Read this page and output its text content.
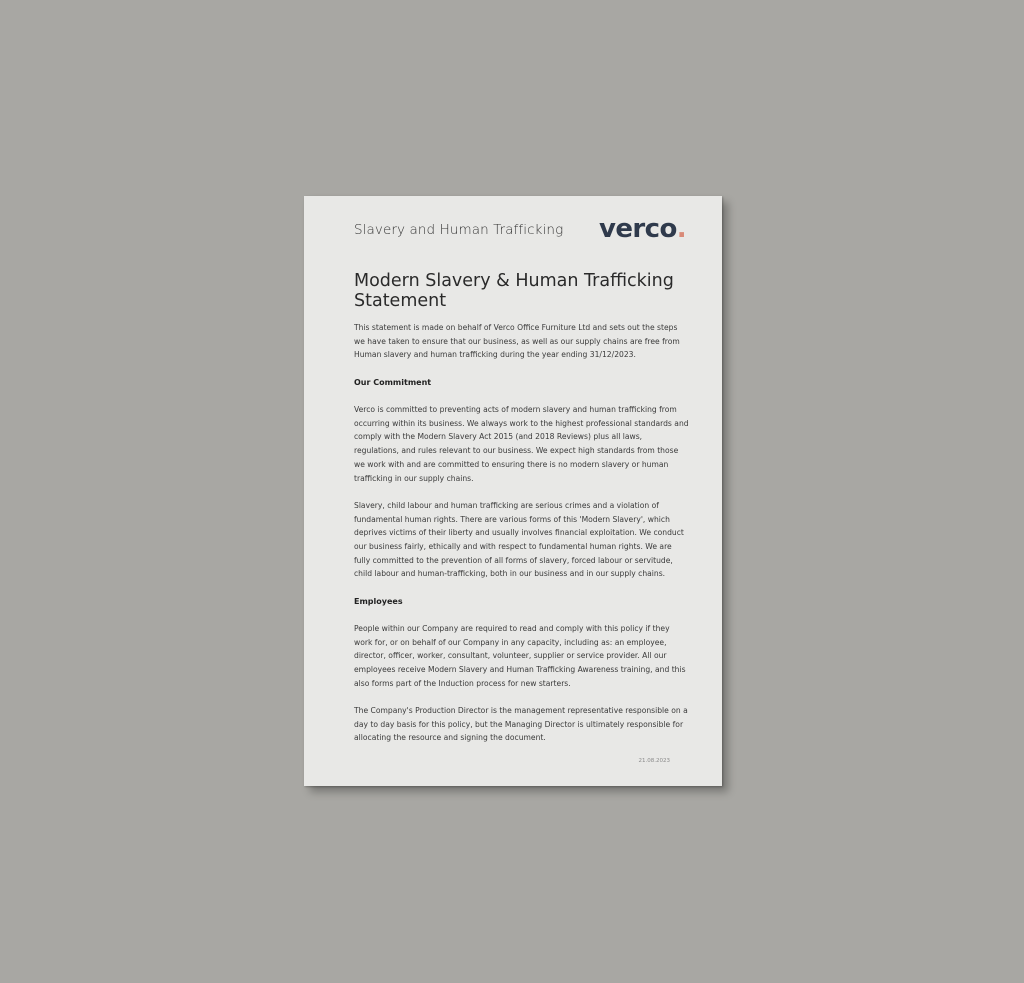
Slavery and Human Trafficking verco.
Modern Slavery & Human Trafficking Statement

This statement is made on behalf of Verco Office Furniture Ltd and sets out the steps we have taken to ensure that our business, as well as our supply chains are free from Human slavery and human trafficking during the year ending 31/12/2023.

Our Commitment

Verco is committed to preventing acts of modern slavery and human trafficking from occurring within its business. We always work to the highest professional standards and comply with the Modern Slavery Act 2015 (and 2018 Reviews) plus all laws, regulations, and rules relevant to our business. We expect high standards from those we work with and are committed to ensuring there is no modern slavery or human trafficking in our supply chains.

Slavery, child labour and human trafficking are serious crimes and a violation of fundamental human rights. There are various forms of this 'Modern Slavery', which deprives victims of their liberty and usually involves financial exploitation. We conduct our business fairly, ethically and with respect to fundamental human rights. We are fully committed to the prevention of all forms of slavery, forced labour or servitude, child labour and human-trafficking, both in our business and in our supply chains.

Employees

People within our Company are required to read and comply with this policy if they work for, or on behalf of our Company in any capacity, including as: an employee, director, officer, worker, consultant, volunteer, supplier or service provider. All our employees receive Modern Slavery and Human Trafficking Awareness training, and this also forms part of the Induction process for new starters.

The Company's Production Director is the management representative responsible on a day to day basis for this policy, but the Managing Director is ultimately responsible for allocating the resource and signing the document.

21.08.2023
